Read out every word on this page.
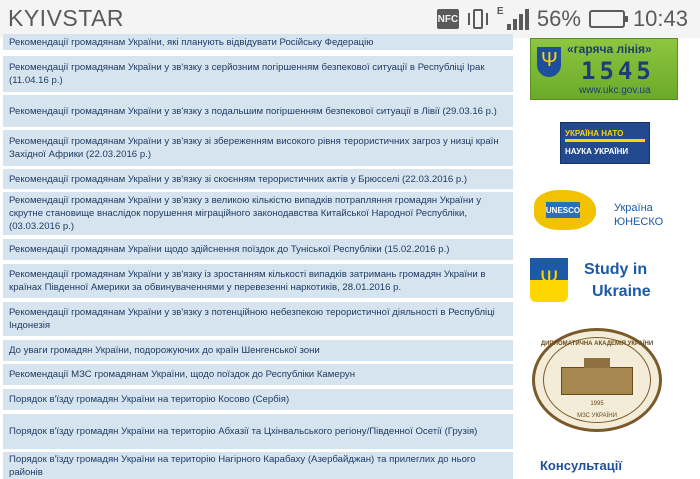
KYIVSTAR	NFC
E 56% 10:43
Рекомендації громадянам України, які планують відвідувати Російську Федерацію
Рекомендації громадянам України у зв'язку з серйозним погіршенням безпекової ситуації в Республіці Ірак (11.04.16 р.)
Рекомендації громадянам України у зв'язку з подальшим погіршенням безпекової ситуації в Лівії (29.03.16 р.)
Рекомендації громадянам України у зв'язку зі збереженням високого рівня терористичних загроз у низці країн Західної Африки (22.03.2016 р.)
Рекомендації громадянам України у зв'язку зі скоєнням терористичних актів у Брюсселі (22.03.2016 р.)
Рекомендації громадянам України у зв'язку з великою кількістю випадків потрапляння громадян України у скрутне становище внаслідок порушення міграційного законодавства Китайської Народної Республіки, (03.03.2016 р.)
Рекомендації громадянам України щодо здійснення поїздок до Туніської Республіки (15.02.2016 р.)
Рекомендації громадянам України у зв'язку із зростанням кількості випадків затримань громадян України в країнах Південної Америки за обвинуваченнями у перевезенні наркотиків, 28.01.2016 р.
Рекомендації громадянам України у зв'язку з потенційною небезпекою терористичної діяльності в Республіці Індонезія
До уваги громадян України, подорожуючих до країн Шенгенської зони
Рекомендації МЗС громадянам України, щодо поїздок до Республіки Камерун
Порядок в'їзду громадян України на територію Косово (Сербія)
Порядок в'їзду громадян України на територію Абхазії та Цхінвальського регіону/Південної Осетії (Грузія)
Порядок в'їзду громадян України на територію Нагірного Карабаху (Азербайджан) та прилеглих до нього районів
Ψ
«гаряча лінія»
1545
www.ukc.gov.ua
УКРАЇНА НАТО
НАУКА УКРАЇНИ
UNESCO	Україна
ЮНЕСКО
Ψ Study in
Ukraine
ДИПЛОМАТИЧНА АКАДЕМІЯ УКРАЇНИ
1995
МЗС УКРАЇНИ
Консультації
